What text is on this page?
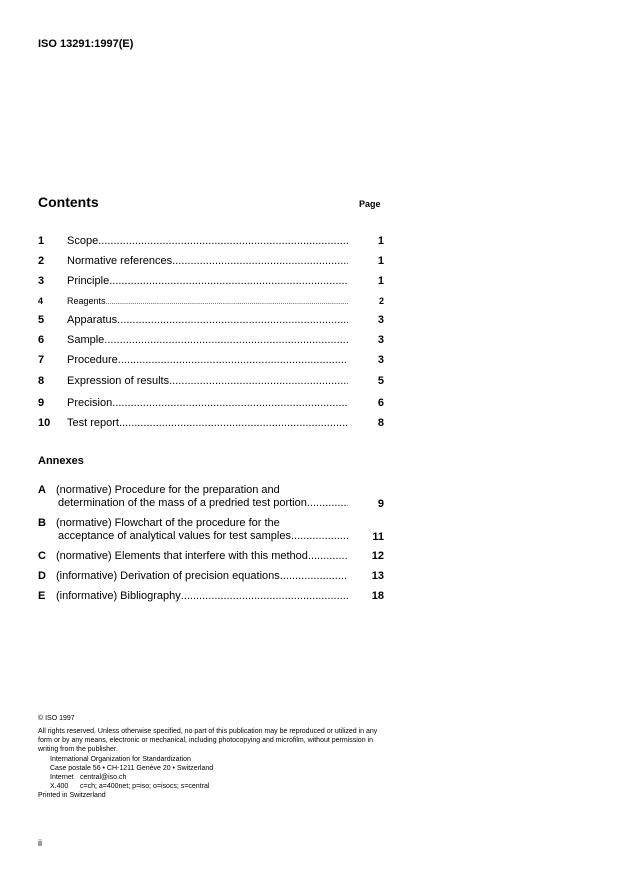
ISO 13291:1997(E)
Contents	Page
1	Scope .....	1
2	Normative references .....	1
3	Principle .....	1
4	Reagents .....	2
5	Apparatus .....	3
6	Sample .....	3
7	Procedure .....	3
8	Expression of results .....	5
9	Precision .....	6
10	Test report .....	8
Annexes
A (normative) Procedure for the preparation and
determination of the mass of a predried test portion .....	9
B (normative) Flowchart of the procedure for the
acceptance of analytical values for test samples .....	11
C (normative) Elements that interfere with this method .....	12
D (informative) Derivation of precision equations .....	13
E (informative) Bibliography .....	18
© ISO 1997
All rights reserved. Unless otherwise specified, no part of this publication may be reproduced or utilized in any form or by any means, electronic or mechanical, including photocopying and microfilm, without permission in writing from the publisher.
International Organization for Standardization
Case postale 56 • CH-1211 Genève 20 • Switzerland
Internet central@iso.ch
X.400 c=ch; a=400net; p=iso; o=isocs; s=central
Printed in Switzerland
ii
